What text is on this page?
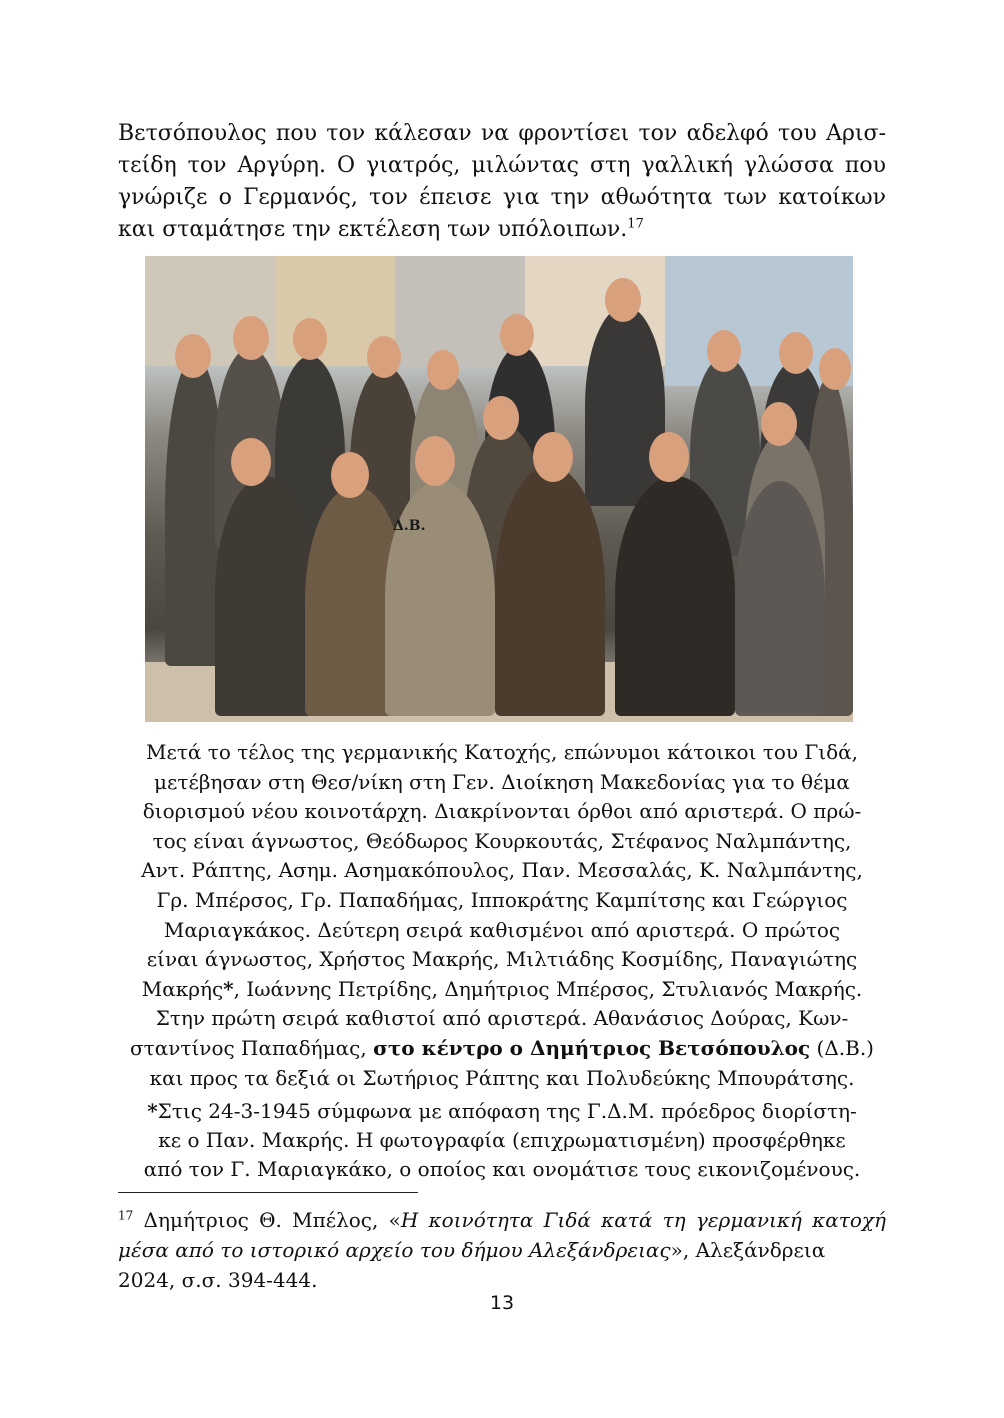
Βετσόπουλος που τον κάλεσαν να φροντίσει τον αδελφό του Αρισ-
τείδη τον Αργύρη. Ο γιατρός, μιλώντας στη γαλλική γλώσσα που
γνώριζε ο Γερμανός, τον έπεισε για την αθωότητα των κατοίκων
και σταμάτησε την εκτέλεση των υπόλοιπων.$^{17}$

Δ.Β.

Μετά το τέλος της γερμανικής Κατοχής, επώνυμοι κάτοικοι του Γιδά,
μετέβησαν στη Θεσ/νίκη στη Γεν. Διοίκηση Μακεδονίας για το θέμα
διορισμού νέου κοινοτάρχη. Διακρίνονται όρθοι από αριστερά. Ο πρώ-
τος είναι άγνωστος, Θεόδωρος Κουρκουτάς, Στέφανος Ναλμπάντης,
Αντ. Ράπτης, Ασημ. Ασημακόπουλος, Παν. Μεσσαλάς, Κ. Ναλμπάντης,
Γρ. Μπέρσος, Γρ. Παπαδήμας, Ιπποκράτης Καμπίτσης και Γεώργιος
Μαριαγκάκος. Δεύτερη σειρά καθισμένοι από αριστερά. Ο πρώτος
είναι άγνωστος, Χρήστος Μακρής, Μιλτιάδης Κοσμίδης, Παναγιώτης
Μακρής*, Ιωάννης Πετρίδης, Δημήτριος Μπέρσος, Στυλιανός Μακρής.
Στην πρώτη σειρά καθιστοί από αριστερά. Αθανάσιος Δούρας, Κων-
σταντίνος Παπαδήμας, στο κέντρο ο Δημήτριος Βετσόπουλος (Δ.Β.)
και προς τα δεξιά οι Σωτήριος Ράπτης και Πολυδεύκης Μπουράτσης.

*Στις 24-3-1945 σύμφωνα με απόφαση της Γ.Δ.Μ. πρόεδρος διορίστη-
κε ο Παν. Μακρής. Η φωτογραφία (επιχρωματισμένη) προσφέρθηκε
από τον Γ. Μαριαγκάκο, ο οποίος και ονομάτισε τους εικονιζομένους.

$^{17}$ Δημήτριος Θ. Μπέλος, «Η κοινότητα Γιδά κατά τη γερμανική κατοχή
μέσα από το ιστορικό αρχείο του δήμου Αλεξάνδρειας», Αλεξάνδρεια
2024, σ.σ. 394-444.

13
